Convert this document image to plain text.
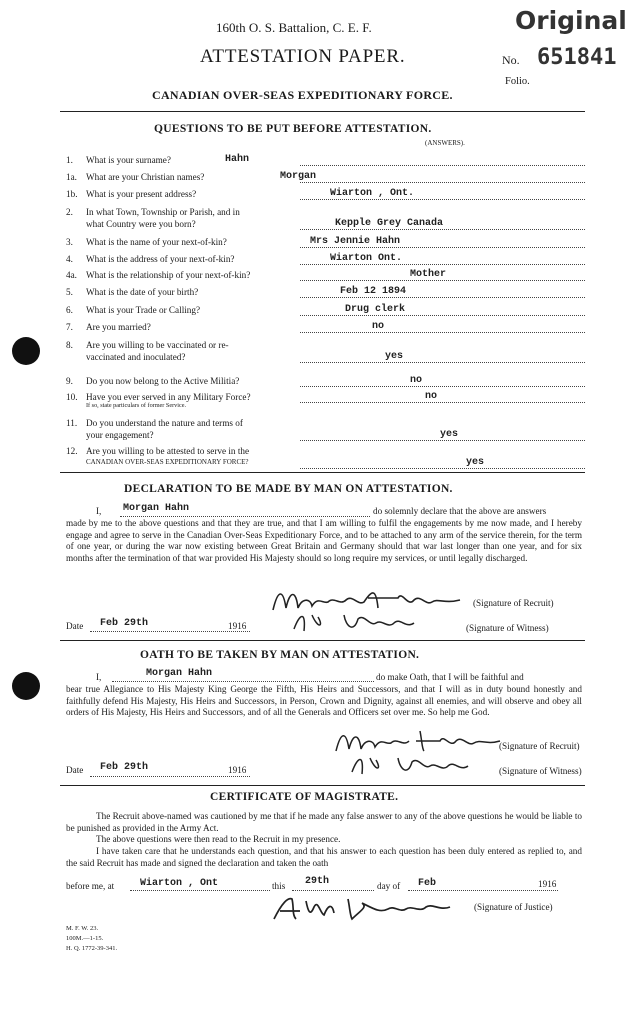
160th O. S. Battalion, C. E. F.	Original
ATTESTATION PAPER.	No. 651841
Folio.
CANADIAN OVER-SEAS EXPEDITIONARY FORCE.
QUESTIONS TO BE PUT BEFORE ATTESTATION.
(ANSWERS).
1. What is your surname?	Hahn
1a. What are your Christian names?	Morgan
1b. What is your present address?	Wiarton , Ont.
2. In what Town, Township or Parish, and in
what Country were you born?	Kepple Grey Canada
3. What is the name of your next-of-kin?	Mrs Jennie Hahn
4. What is the address of your next-of-kin?	Wiarton Ont.
4a. What is the relationship of your next-of-kin?	Mother
5. What is the date of your birth?	Feb 12 1894
6. What is your Trade or Calling?	Drug clerk
7. Are you married?	no
8. Are you willing to be vaccinated or re-
vaccinated and inoculated?	yes
9. Do you now belong to the Active Militia?	no
10. Have you ever served in any Military Force?
If so, state particulars of former Service.
no
11. Do you understand the nature and terms of
your engagement?	yes
12. Are you willing to be attested to serve in the
CANADIAN OVER-SEAS EXPEDITIONARY FORCE?	yes
DECLARATION TO BE MADE BY MAN ON ATTESTATION.
I, Morgan Hahn	do solemnly declare that the above are answers
made by me to the above questions and that they are true, and that I am willing to fulfil the engagements by me now made, and I hereby engage and agree to serve in the Canadian Over-Seas Expeditionary Force, and to be attached to any arm of the service therein, for the term of one year, or during the war now existing between Great Britain and Germany should that war last longer than one year, and for six months after the termination of that war provided His Majesty should so long require my services, or until legally discharged.
Morgan Hahn
(Signature of Recruit)
Date Feb 29th	1916
J. G. Norris
(Signature of Witness)
OATH TO BE TAKEN BY MAN ON ATTESTATION.
I,	Morgan Hahn	do make Oath, that I will be faithful and
bear true Allegiance to His Majesty King George the Fifth, His Heirs and Successors, and that I will as in duty bound honestly and faithfully defend His Majesty, His Heirs and Successors, in Person, Crown and Dignity, against all enemies, and will observe and obey all orders of His Majesty, His Heirs and Successors, and of all the Generals and Officers set over me. So help me God.
Morgan Hahn
(Signature of Recruit)
Date Feb 29th	1916
J. G. Norris
(Signature of Witness)
CERTIFICATE OF MAGISTRATE.
The Recruit above-named was cautioned by me that if he made any false answer to any of the above questions he would be liable to be punished as provided in the Army Act.
The above questions were then read to the Recruit in my presence.
I have taken care that he understands each question, and that his answer to each question has been duly entered as replied to, and the said Recruit has made and signed the declaration and taken the oath
before me, at	Wiarton , Ont	this 29th	day of Feb	1916
A W Barnes
(Signature of Justice)
M. F. W. 23.
100M.—1-15.
H. Q. 1772-39-341.
